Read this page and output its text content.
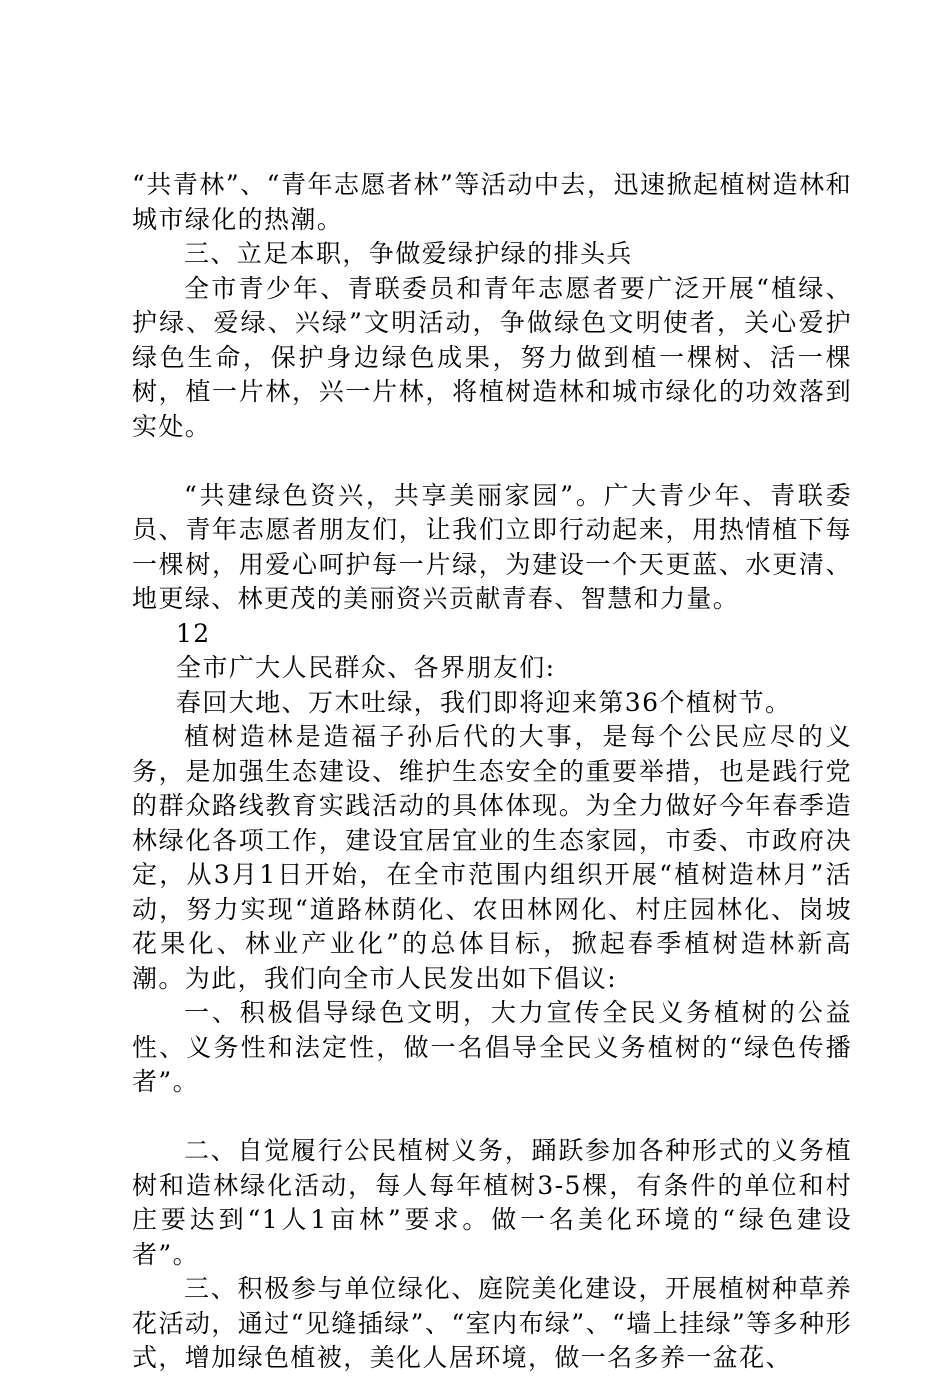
“共青林”、“青年志愿者林”等活动中去，迅速掀起植树造林和城市绿化的热潮。

三、立足本职，争做爱绿护绿的排头兵

全市青少年、青联委员和青年志愿者要广泛开展“植绿、护绿、爱绿、兴绿”文明活动，争做绿色文明使者，关心爱护绿色生命，保护身边绿色成果，努力做到植一棵树、活一棵树，植一片林，兴一片林，将植树造林和城市绿化的功效落到实处。

“共建绿色资兴，共享美丽家园”。广大青少年、青联委员、青年志愿者朋友们，让我们立即行动起来，用热情植下每一棵树，用爱心呵护每一片绿，为建设一个天更蓝、水更清、地更绿、林更茂的美丽资兴贡献青春、智慧和力量。

12

全市广大人民群众、各界朋友们:

春回大地、万木吐绿，我们即将迎来第36个植树节。

植树造林是造福子孙后代的大事，是每个公民应尽的义务，是加强生态建设、维护生态安全的重要举措，也是践行党的群众路线教育实践活动的具体体现。为全力做好今年春季造林绿化各项工作，建设宜居宜业的生态家园，市委、市政府决定，从3月1日开始，在全市范围内组织开展“植树造林月”活动，努力实现“道路林荫化、农田林网化、村庄园林化、岗坡花果化、林业产业化”的总体目标，掀起春季植树造林新高潮。为此，我们向全市人民发出如下倡议:

一、积极倡导绿色文明，大力宣传全民义务植树的公益性、义务性和法定性，做一名倡导全民义务植树的“绿色传播者”。

二、自觉履行公民植树义务，踊跃参加各种形式的义务植树和造林绿化活动，每人每年植树3-5棵，有条件的单位和村庄要达到“1人1亩林”要求。做一名美化环境的“绿色建设者”。

三、积极参与单位绿化、庭院美化建设，开展植树种草养花活动，通过“见缝插绿”、“室内布绿”、“墙上挂绿”等多种形式，增加绿色植被，美化人居环境，做一名多养一盆花、
